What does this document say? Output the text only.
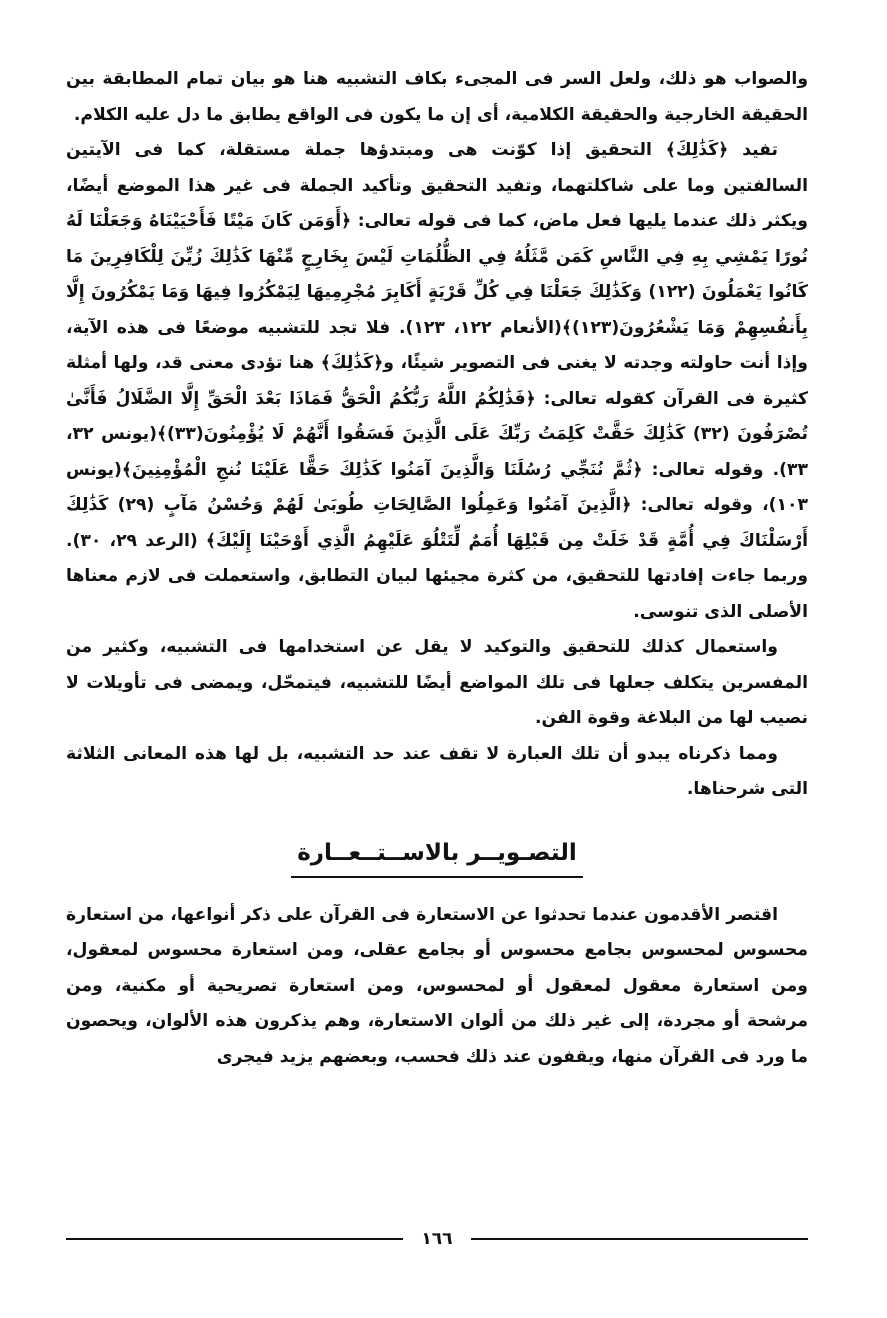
والصواب هو ذلك، ولعل السر فى المجىء بكاف التشبيه هنا هو بيان تمام المطابقة بين الحقيقة الخارجية والحقيقة الكلامية، أى إن ما يكون فى الواقع يطابق ما دل عليه الكلام.

تفيد ﴿كَذَٰلِكَ﴾ التحقيق إذا كوّنت هى ومبتدؤها جملة مستقلة، كما فى الآيتين السالفتين وما على شاكلتهما، وتفيد التحقيق وتأكيد الجملة فى غير هذا الموضع أيضًا، ويكثر ذلك عندما يليها فعل ماض، كما فى قوله تعالى: ﴿أَوَمَن كَانَ مَيْتًا فَأَحْيَيْنَاهُ وَجَعَلْنَا لَهُ نُورًا يَمْشِي بِهِ فِي النَّاسِ كَمَن مَّثَلُهُ فِي الظُّلُمَاتِ لَيْسَ بِخَارِجٍ مِّنْهَا كَذَٰلِكَ زُيِّنَ لِلْكَافِرِينَ مَا كَانُوا يَعْمَلُونَ (١٢٢) وَكَذَٰلِكَ جَعَلْنَا فِي كُلِّ قَرْيَةٍ أَكَابِرَ مُجْرِمِيهَا لِيَمْكُرُوا فِيهَا وَمَا يَمْكُرُونَ إِلَّا بِأَنفُسِهِمْ وَمَا يَشْعُرُونَ(١٢٣)﴾(الأنعام ١٢٢، ١٢٣). فلا تجد للتشبيه موضعًا فى هذه الآية، وإذا أنت حاولته وجدته لا يغنى فى التصوير شيئًا، و﴿كَذَٰلِكَ﴾ هنا تؤدى معنى قد، ولها أمثلة كثيرة فى القرآن كقوله تعالى: ﴿فَذَٰلِكُمُ اللَّهُ رَبُّكُمُ الْحَقُّ فَمَاذَا بَعْدَ الْحَقِّ إِلَّا الضَّلَالُ فَأَنَّىٰ تُصْرَفُونَ (٣٢) كَذَٰلِكَ حَقَّتْ كَلِمَتُ رَبِّكَ عَلَى الَّذِينَ فَسَقُوا أَنَّهُمْ لَا يُؤْمِنُونَ(٣٣)﴾(يونس ٣٢، ٣٣). وقوله تعالى: ﴿ثُمَّ نُنَجِّي رُسُلَنَا وَالَّذِينَ آمَنُوا كَذَٰلِكَ حَقًّا عَلَيْنَا نُنجِ الْمُؤْمِنِينَ﴾(يونس ١٠٣)، وقوله تعالى: ﴿الَّذِينَ آمَنُوا وَعَمِلُوا الصَّالِحَاتِ طُوبَىٰ لَهُمْ وَحُسْنُ مَآبٍ (٢٩) كَذَٰلِكَ أَرْسَلْنَاكَ فِي أُمَّةٍ قَدْ خَلَتْ مِن قَبْلِهَا أُمَمٌ لِّتَتْلُوَ عَلَيْهِمُ الَّذِي أَوْحَيْنَا إِلَيْكَ﴾ (الرعد ٢٩، ٣٠). وربما جاءت إفادتها للتحقيق، من كثرة مجيئها لبيان التطابق، واستعملت فى لازم معناها الأصلى الذى تنوسى.

واستعمال كذلك للتحقيق والتوكيد لا يقل عن استخدامها فى التشبيه، وكثير من المفسرين يتكلف جعلها فى تلك المواضع أيضًا للتشبيه، فيتمحّل، ويمضى فى تأويلات لا نصيب لها من البلاغة وقوة الفن.

ومما ذكرناه يبدو أن تلك العبارة لا تقف عند حد التشبيه، بل لها هذه المعانى الثلاثة التى شرحناها.

التصـويــر بالاســتــعــارة

اقتصر الأقدمون عندما تحدثوا عن الاستعارة فى القرآن على ذكر أنواعها، من استعارة محسوس لمحسوس بجامع محسوس أو بجامع عقلى، ومن استعارة محسوس لمعقول، ومن استعارة معقول لمعقول أو لمحسوس، ومن استعارة تصريحية أو مكنية، ومن مرشحة أو مجردة، إلى غير ذلك من ألوان الاستعارة، وهم يذكرون هذه الألوان، ويحصون ما ورد فى القرآن منها، ويقفون عند ذلك فحسب، وبعضهم يزيد فيجرى

١٦٦
